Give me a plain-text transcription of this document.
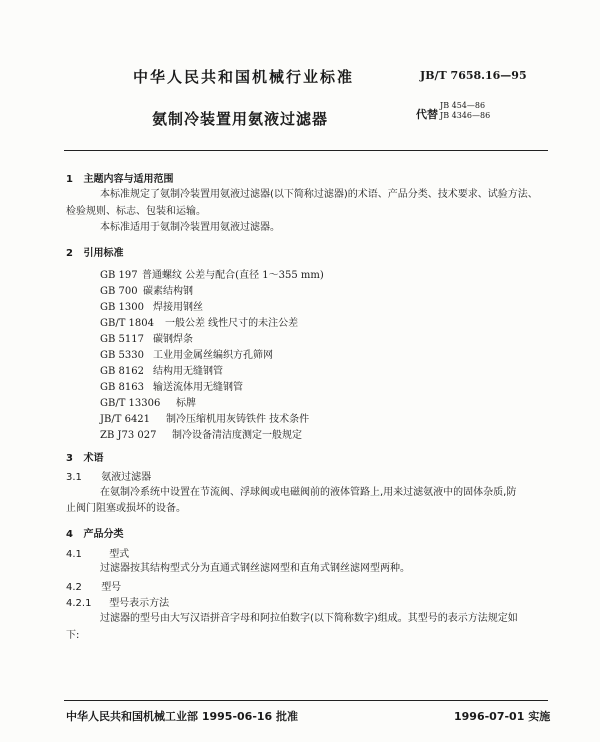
中华人民共和国机械行业标准	JB/T 7658.16—95
氨制冷装置用氨液过滤器	代替
JB 454—86
JB 4346—86
1 主题内容与适用范围
本标准规定了氨制冷装置用氨液过滤器(以下简称过滤器)的术语、产品分类、技术要求、试验方法、
检验规则、标志、包装和运输。
本标准适用于氨制冷装置用氨液过滤器。
2 引用标准
GB 197 普通螺纹 公差与配合(直径 1～355 mm)
GB 700 碳素结构钢
GB 1300 焊接用钢丝
GB/T 1804 一般公差 线性尺寸的未注公差
GB 5117 碳钢焊条
GB 5330 工业用金属丝编织方孔筛网
GB 8162 结构用无缝钢管
GB 8163 输送流体用无缝钢管
GB/T 13306 标牌
JB/T 6421 制冷压缩机用灰铸铁件 技术条件
ZB J73 027 制冷设备清洁度测定一般规定
3 术语
3.1 氨液过滤器
在氨制冷系统中设置在节流阀、浮球阀或电磁阀前的液体管路上,用来过滤氨液中的固体杂质,防
止阀门阻塞或损坏的设备。
4 产品分类
4.1	型式
过滤器按其结构型式分为直通式钢丝滤网型和直角式钢丝滤网型两种。
4.2 型号
4.2.1 型号表示方法
过滤器的型号由大写汉语拼音字母和阿拉伯数字(以下简称数字)组成。其型号的表示方法规定如
下:
中华人民共和国机械工业部 1995-06-16 批准	1996-07-01 实施
